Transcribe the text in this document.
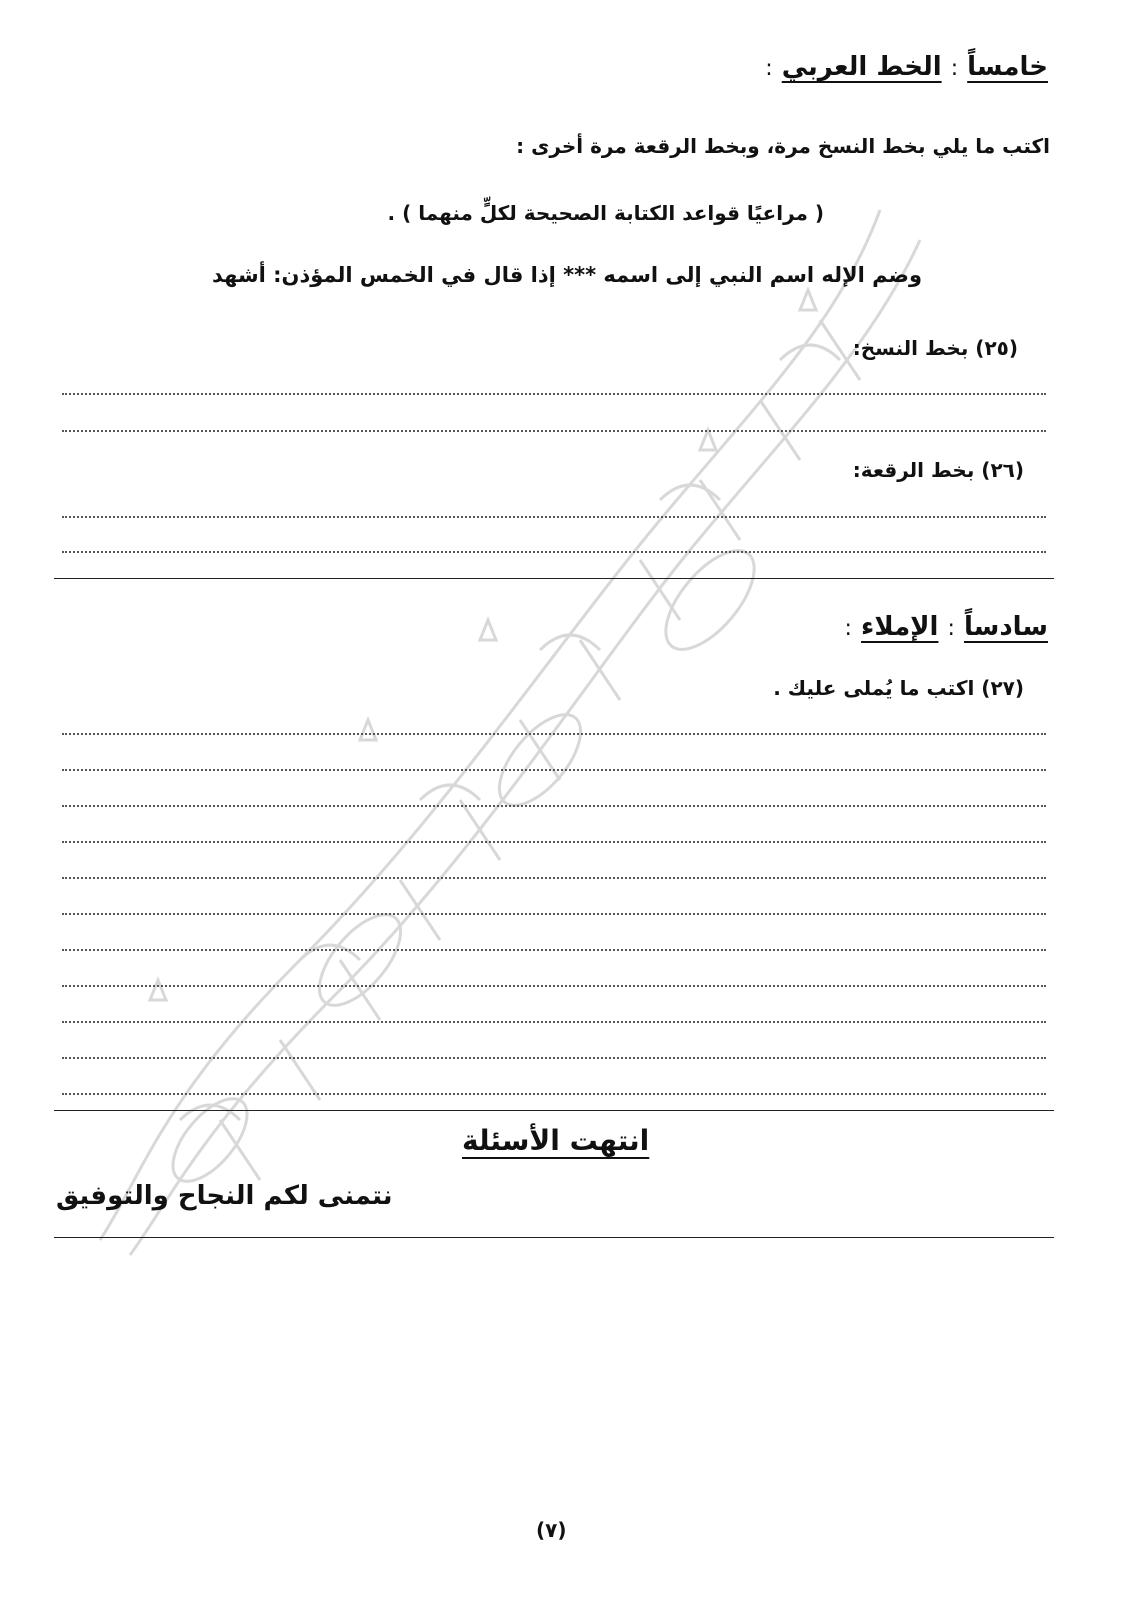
خامساً : الخط العربي :
اكتب ما يلي بخط النسخ مرة، وبخط الرقعة مرة أخرى :
( مراعيًا قواعد الكتابة الصحيحة لكلٍّ منهما ) .
وضم الإله اسم النبي إلى اسمه *** إذا قال في الخمس المؤذن: أشهد
(٢٥) بخط النسخ:
(٢٦) بخط الرقعة:
سادساً : الإملاء :
(٢٧) اكتب ما يُملى عليك .
انتهت الأسئلة
نتمنى لكم النجاح والتوفيق
(٧)
